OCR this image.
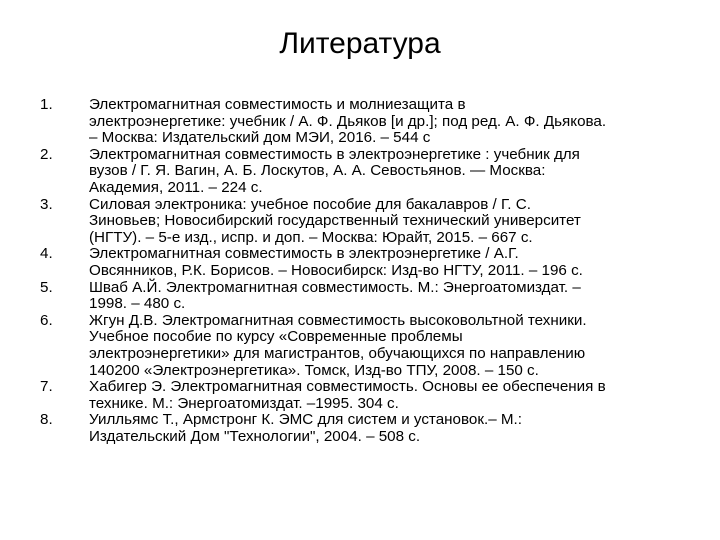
Литература
1.	Электромагнитная совместимость и молниезащита в
электроэнергетике: учебник / А. Ф. Дьяков [и др.]; под ред. А. Ф. Дьякова.
– Москва: Издательский дом МЭИ, 2016. – 544 с
2.	Электромагнитная совместимость в электроэнергетике : учебник для
вузов / Г. Я. Вагин, А. Б. Лоскутов, А. А. Севостьянов. — Москва:
Академия, 2011. – 224 с.
3.	Силовая электроника: учебное пособие для бакалавров / Г. С.
Зиновьев; Новосибирский государственный технический университет
(НГТУ). – 5-е изд., испр. и доп. – Москва: Юрайт, 2015. – 667 с.
4.	Электромагнитная совместимость в электроэнергетике / А.Г.
Овсянников, Р.К. Борисов. – Новосибирск: Изд-во НГТУ, 2011. – 196 с.
5.	Шваб А.Й. Электромагнитная совместимость. М.: Энергоатомиздат. –
1998. – 480 с.
6.	Жгун Д.В. Электромагнитная совместимость высоковольтной техники.
Учебное пособие по курсу «Современные проблемы
электроэнергетики» для магистрантов, обучающихся по направлению
140200 «Электроэнергетика». Томск, Изд-во ТПУ, 2008. – 150 с.
7.	Хабигер Э. Электромагнитная совместимость. Основы ее обеспечения в
технике. М.: Энергоатомиздат. –1995. 304 с.
8.	Уилльямс Т., Армстронг К. ЭМС для систем и установок.– М.:
Издательский Дом "Технологии", 2004. – 508 с.
